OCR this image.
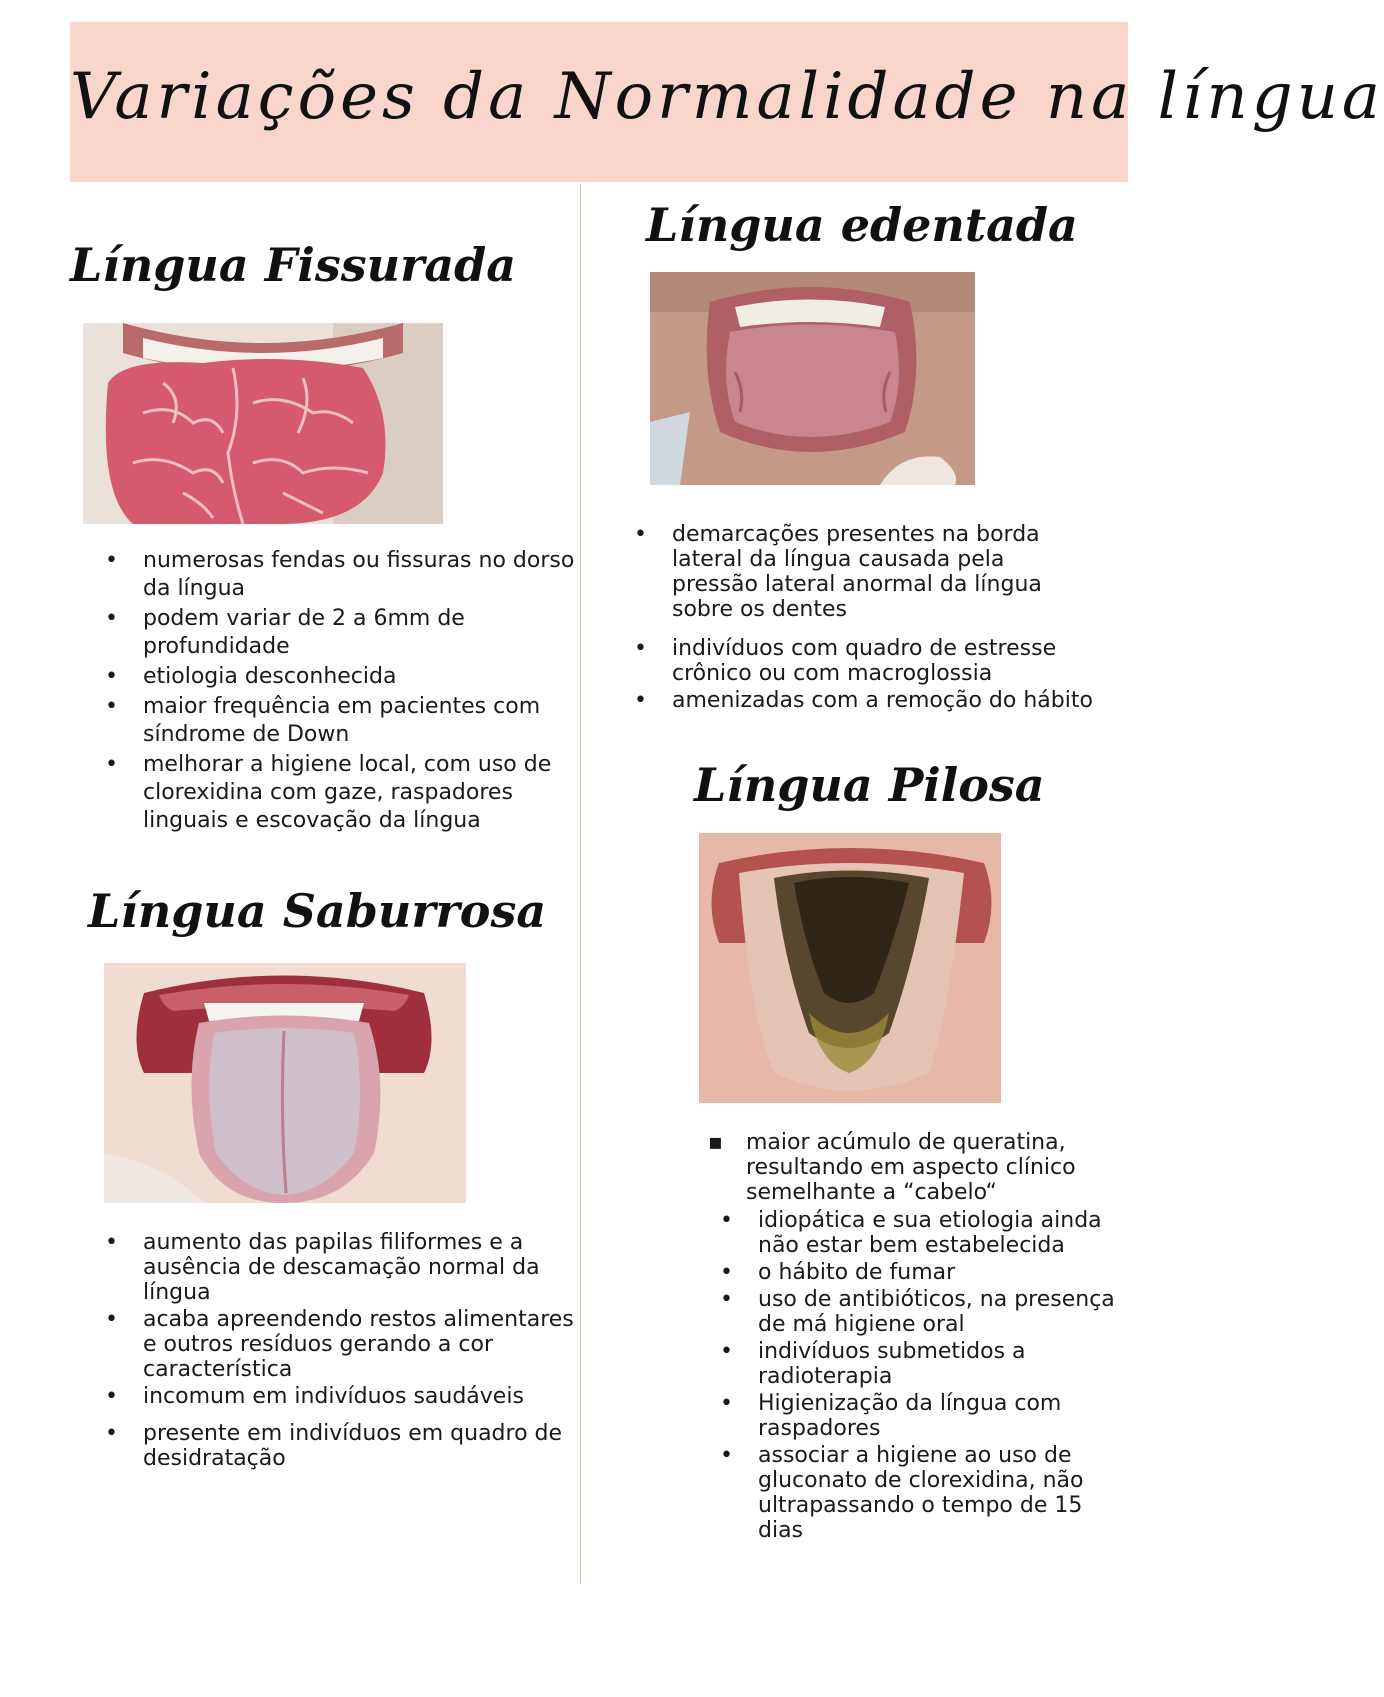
Variações da Normalidade na língua
Língua Fissurada
• numerosas fendas ou fissuras no dorso da língua
• podem variar de 2 a 6mm de profundidade
• etiologia desconhecida
• maior frequência em pacientes com síndrome de Down
• melhorar a higiene local, com uso de clorexidina com gaze, raspadores linguais e escovação da língua
Língua Saburrosa
• aumento das papilas filiformes e a ausência de descamação normal da língua
• acaba apreendendo restos alimentares e outros resíduos gerando a cor característica
• incomum em indivíduos saudáveis
• presente em indivíduos em quadro de desidratação
Língua edentada
• demarcações presentes na borda lateral da língua causada pela pressão lateral anormal da língua sobre os dentes
• indivíduos com quadro de estresse crônico ou com macroglossia
• amenizadas com a remoção do hábito
Língua Pilosa
▪ maior acúmulo de queratina, resultando em aspecto clínico semelhante a “cabelo“
• idiopática e sua etiologia ainda não estar bem estabelecida
• o hábito de fumar
• uso de antibióticos, na presença de má higiene oral
• indivíduos submetidos a radioterapia
• Higienização da língua com raspadores
• associar a higiene ao uso de gluconato de clorexidina, não ultrapassando o tempo de 15 dias
